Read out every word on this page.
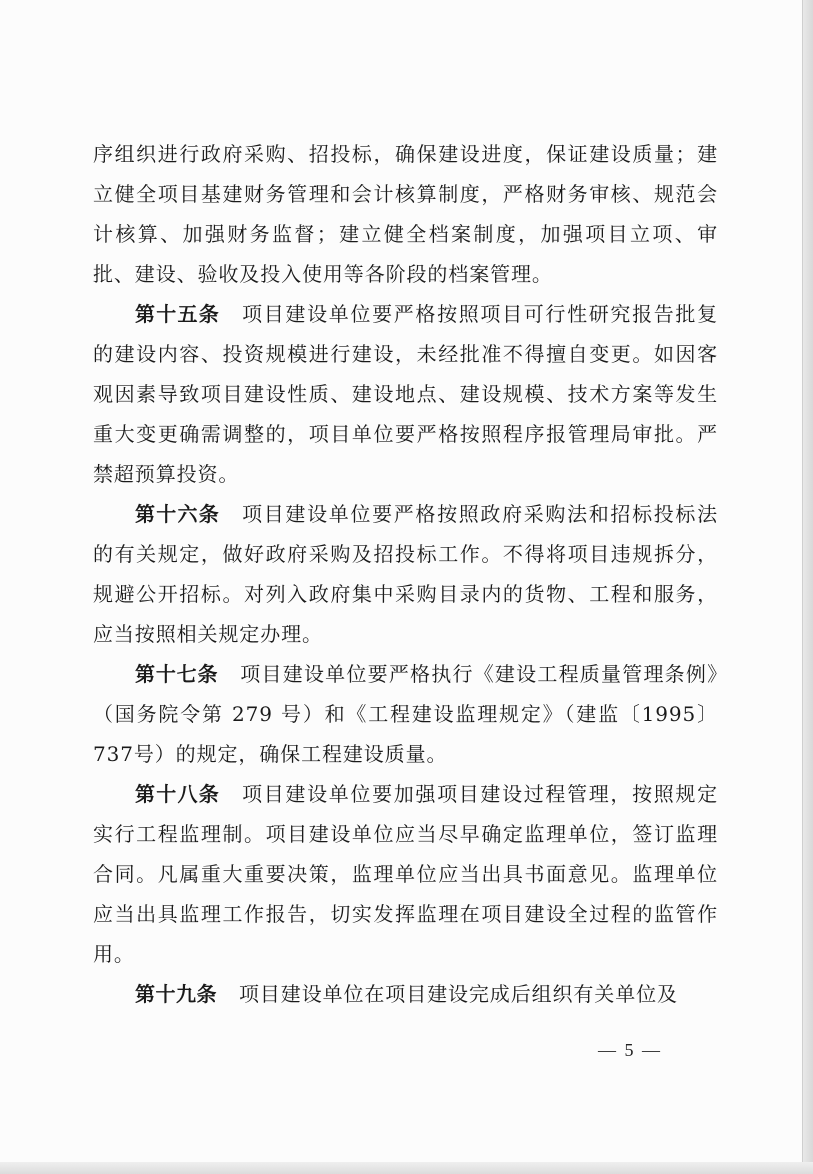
序组织进行政府采购、招投标，确保建设进度，保证建设质量；建立健全项目基建财务管理和会计核算制度，严格财务审核、规范会计核算、加强财务监督；建立健全档案制度，加强项目立项、审批、建设、验收及投入使用等各阶段的档案管理。

第十五条 项目建设单位要严格按照项目可行性研究报告批复的建设内容、投资规模进行建设，未经批准不得擅自变更。如因客观因素导致项目建设性质、建设地点、建设规模、技术方案等发生重大变更确需调整的，项目单位要严格按照程序报管理局审批。严禁超预算投资。

第十六条 项目建设单位要严格按照政府采购法和招标投标法的有关规定，做好政府采购及招投标工作。不得将项目违规拆分，规避公开招标。对列入政府集中采购目录内的货物、工程和服务，应当按照相关规定办理。

第十七条 项目建设单位要严格执行《建设工程质量管理条例》（国务院令第 279 号）和《工程建设监理规定》（建监〔1995〕737号）的规定，确保工程建设质量。

第十八条 项目建设单位要加强项目建设过程管理，按照规定实行工程监理制。项目建设单位应当尽早确定监理单位，签订监理合同。凡属重大重要决策，监理单位应当出具书面意见。监理单位应当出具监理工作报告，切实发挥监理在项目建设全过程的监管作用。

第十九条 项目建设单位在项目建设完成后组织有关单位及

— 5 —
